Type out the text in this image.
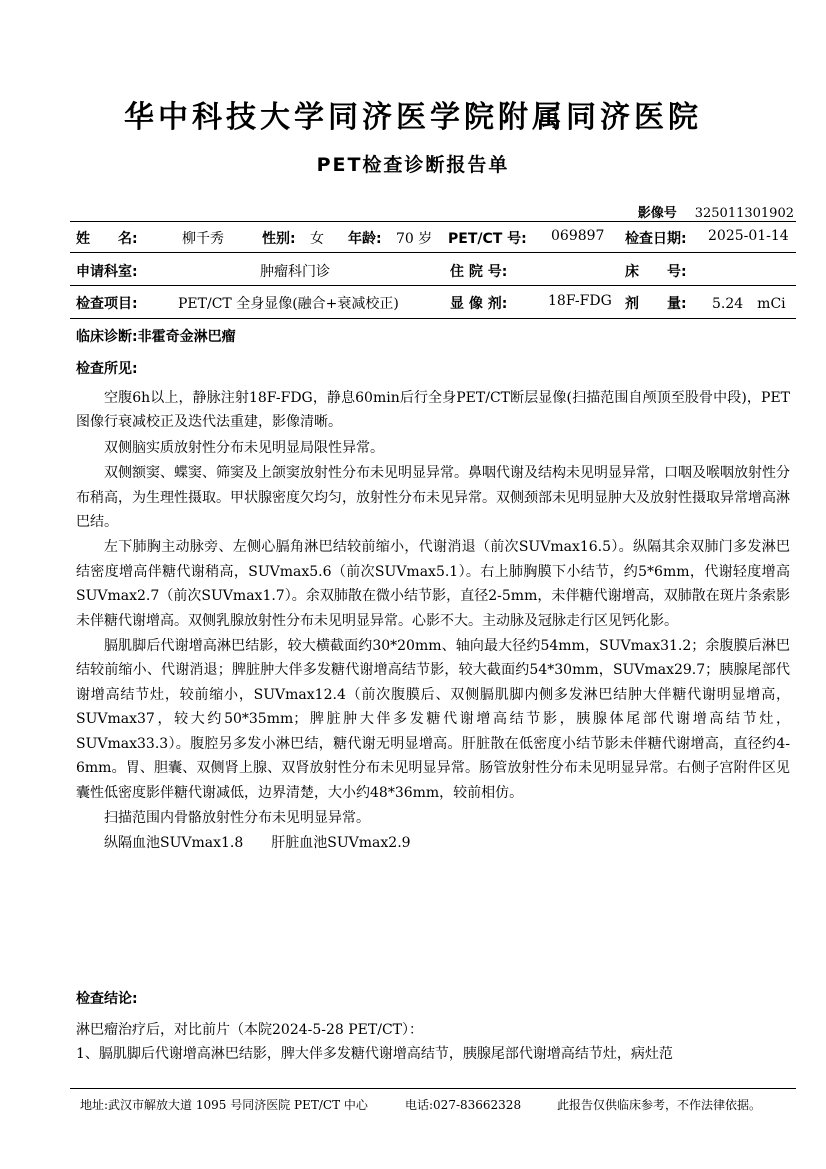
华中科技大学同济医学院附属同济医院
PET检查诊断报告单
影像号 325011301902
姓　　名:	柳千秀	性别: 女 年龄: 70 岁 PET/CT 号: 069897 检查日期: 2025-01-14
申请科室:	肿瘤科门诊	住 院 号:	床　　号:
检查项目:	PET/CT 全身显像(融合+衰减校正)	显 像 剂:	18F-FDG 剂　　量: 5.24　mCi
临床诊断:非霍奇金淋巴瘤
检查所见:

空腹6h以上，静脉注射18F-FDG，静息60min后行全身PET/CT断层显像(扫描范围自颅顶至股骨中段)，PET图像行衰减校正及迭代法重建，影像清晰。

双侧脑实质放射性分布未见明显局限性异常。

双侧额窦、蝶窦、筛窦及上颌窦放射性分布未见明显异常。鼻咽代谢及结构未见明显异常，口咽及喉咽放射性分布稍高，为生理性摄取。甲状腺密度欠均匀，放射性分布未见异常。双侧颈部未见明显肿大及放射性摄取异常增高淋巴结。

左下肺胸主动脉旁、左侧心膈角淋巴结较前缩小，代谢消退（前次SUVmax16.5）。纵隔其余双肺门多发淋巴结密度增高伴糖代谢稍高，SUVmax5.6（前次SUVmax5.1）。右上肺胸膜下小结节，约5*6mm，代谢轻度增高SUVmax2.7（前次SUVmax1.7）。余双肺散在微小结节影，直径2-5mm，未伴糖代谢增高，双肺散在斑片条索影未伴糖代谢增高。双侧乳腺放射性分布未见明显异常。心影不大。主动脉及冠脉走行区见钙化影。

膈肌脚后代谢增高淋巴结影，较大横截面约30*20mm、轴向最大径约54mm，SUVmax31.2；余腹膜后淋巴结较前缩小、代谢消退；脾脏肿大伴多发糖代谢增高结节影，较大截面约54*30mm，SUVmax29.7；胰腺尾部代谢增高结节灶，较前缩小，SUVmax12.4（前次腹膜后、双侧膈肌脚内侧多发淋巴结肿大伴糖代谢明显增高，SUVmax37，较大约50*35mm；脾脏肿大伴多发糖代谢增高结节影，胰腺体尾部代谢增高结节灶，SUVmax33.3）。腹腔另多发小淋巴结，糖代谢无明显增高。肝脏散在低密度小结节影未伴糖代谢增高，直径约4-6mm。胃、胆囊、双侧肾上腺、双肾放射性分布未见明显异常。肠管放射性分布未见明显异常。右侧子宫附件区见囊性低密度影伴糖代谢减低，边界清楚，大小约48*36mm，较前相仿。

扫描范围内骨骼放射性分布未见明显异常。

纵隔血池SUVmax1.8　　肝脏血池SUVmax2.9

检查结论:

淋巴瘤治疗后，对比前片（本院2024-5-28 PET/CT）：

1、膈肌脚后代谢增高淋巴结影，脾大伴多发糖代谢增高结节，胰腺尾部代谢增高结节灶，病灶范

地址:武汉市解放大道 1095 号同济医院 PET/CT 中心	电话:027-83662328	此报告仅供临床参考，不作法律依据。
